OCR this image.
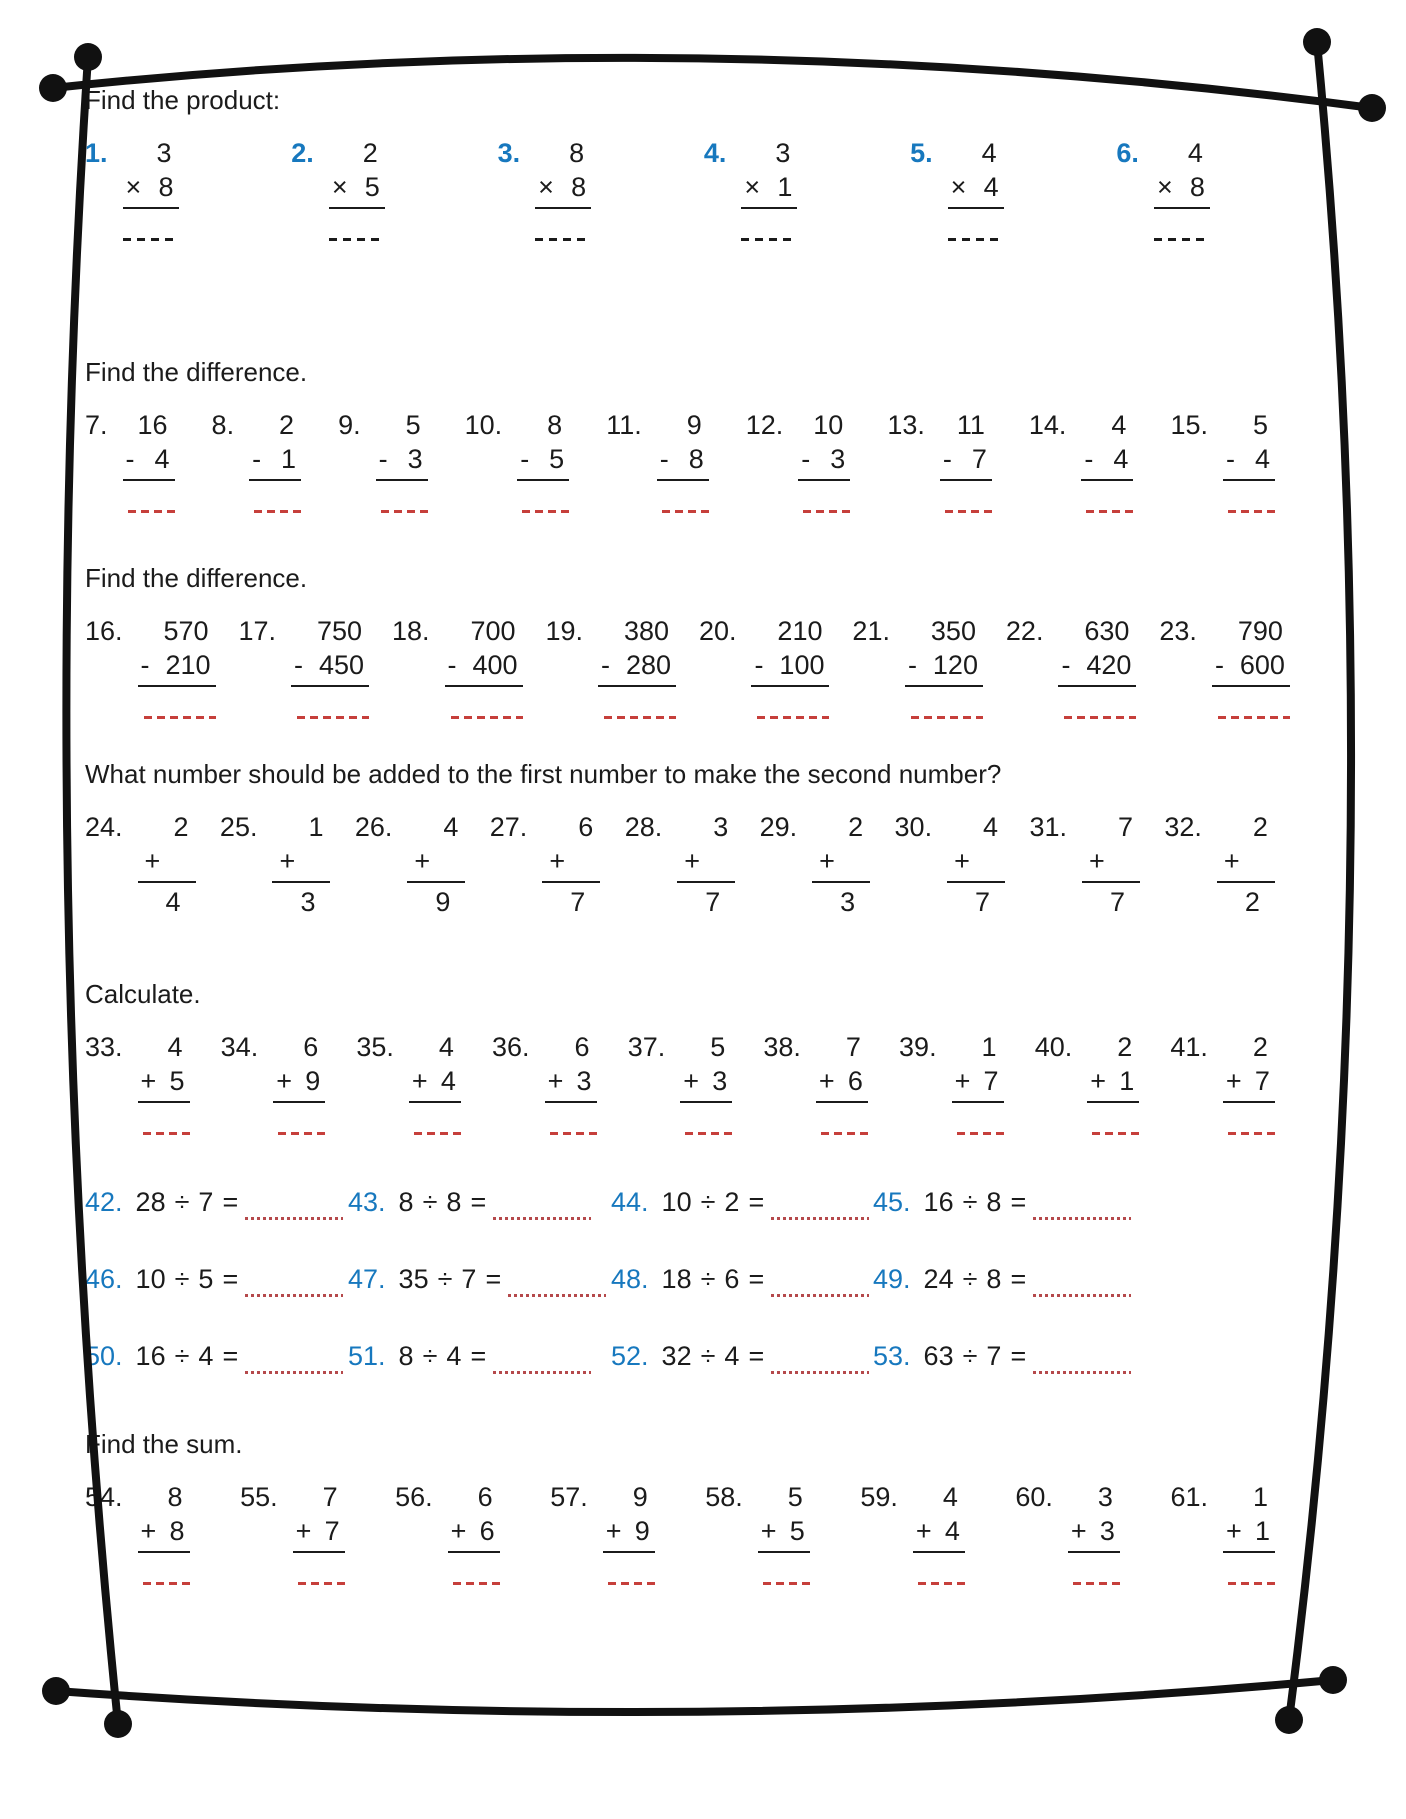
Find the product:
1. 3
× 8
2. 2
× 5
3. 8
× 8
4. 3
× 1
5. 4
× 4
6. 4
× 8
Find the difference.
7. 16
- 4
8. 2
- 1
9. 5
- 3
10. 8
- 5
11. 9
- 8
12. 10
- 3
13. 11
- 7
14. 4
- 4
15. 5
- 4
Find the difference.
16. 570
- 210
17. 750
- 450
18. 700
- 400
19. 380
- 280
20. 210
- 100
21. 350
- 120
22. 630
- 420
23. 790
- 600
What number should be added to the first number to make the second number?
24. 2
+
4
25. 1
+
3
26. 4
+
9
27. 6
+
7
28. 3
+
7
29. 2
+
3
30. 4
+
7
31. 7
+
7
32. 2
+
2
Calculate.
33. 4
+ 5
34. 6
+ 9
35. 4
+ 4
36. 6
+ 3
37. 5
+ 3
38. 7
+ 6
39. 1
+ 7
40. 2
+ 1
41. 2
+ 7
42. 28 ÷ 7 =	43. 8 ÷ 8 =	44. 10 ÷ 2 =	45. 16 ÷ 8 =
46. 10 ÷ 5 =	47. 35 ÷ 7 =	48. 18 ÷ 6 =	49. 24 ÷ 8 =
50. 16 ÷ 4 =	51. 8 ÷ 4 =	52. 32 ÷ 4 =	53. 63 ÷ 7 =
Find the sum.
54. 8
+ 8
55. 7
+ 7
56. 6
+ 6
57. 9
+ 9
58. 5
+ 5
59. 4
+ 4
60. 3
+ 3
61. 1
+ 1
